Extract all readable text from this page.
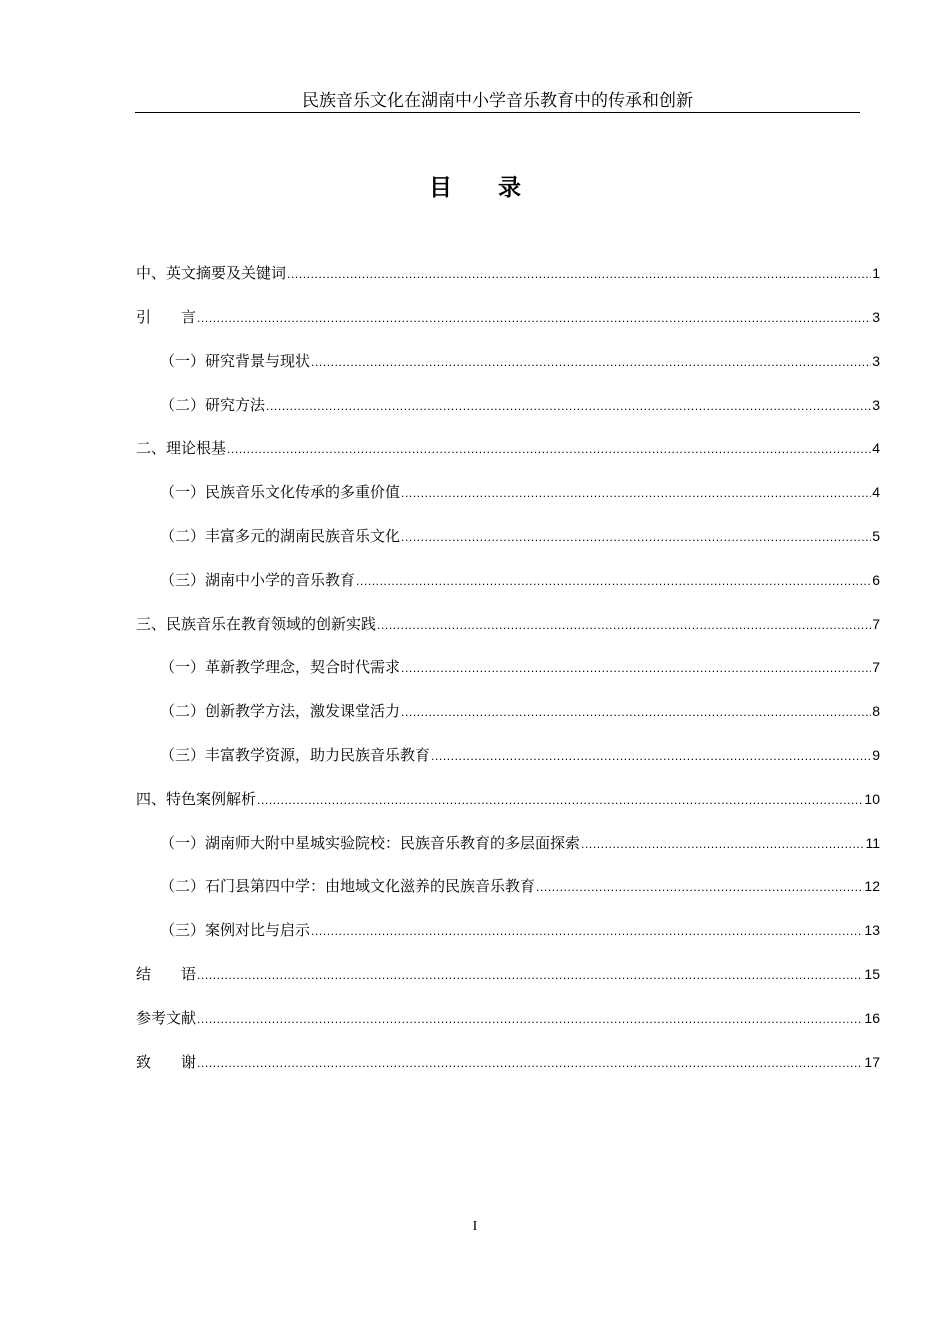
民族音乐文化在湖南中小学音乐教育中的传承和创新
目 录
中、英文摘要及关键词 .....	1
引　　言 .....	3
（一）研究背景与现状 .....	3
（二）研究方法 .....	3
二、理论根基 .....	4
（一）民族音乐文化传承的多重价值 .....	4
（二）丰富多元的湖南民族音乐文化 .....	5
（三）湖南中小学的音乐教育 .....	6
三、民族音乐在教育领域的创新实践 .....	7
（一）革新教学理念，契合时代需求 .....	7
（二）创新教学方法，激发课堂活力 .....	8
（三）丰富教学资源，助力民族音乐教育 .....	9
四、特色案例解析 .....	10
（一）湖南师大附中星城实验院校：民族音乐教育的多层面探索 .....	11
（二）石门县第四中学：由地域文化滋养的民族音乐教育 .....	12
（三）案例对比与启示 .....	13
结　　语 .....	15
参考文献 .....	16
致　　谢 .....	17
I
